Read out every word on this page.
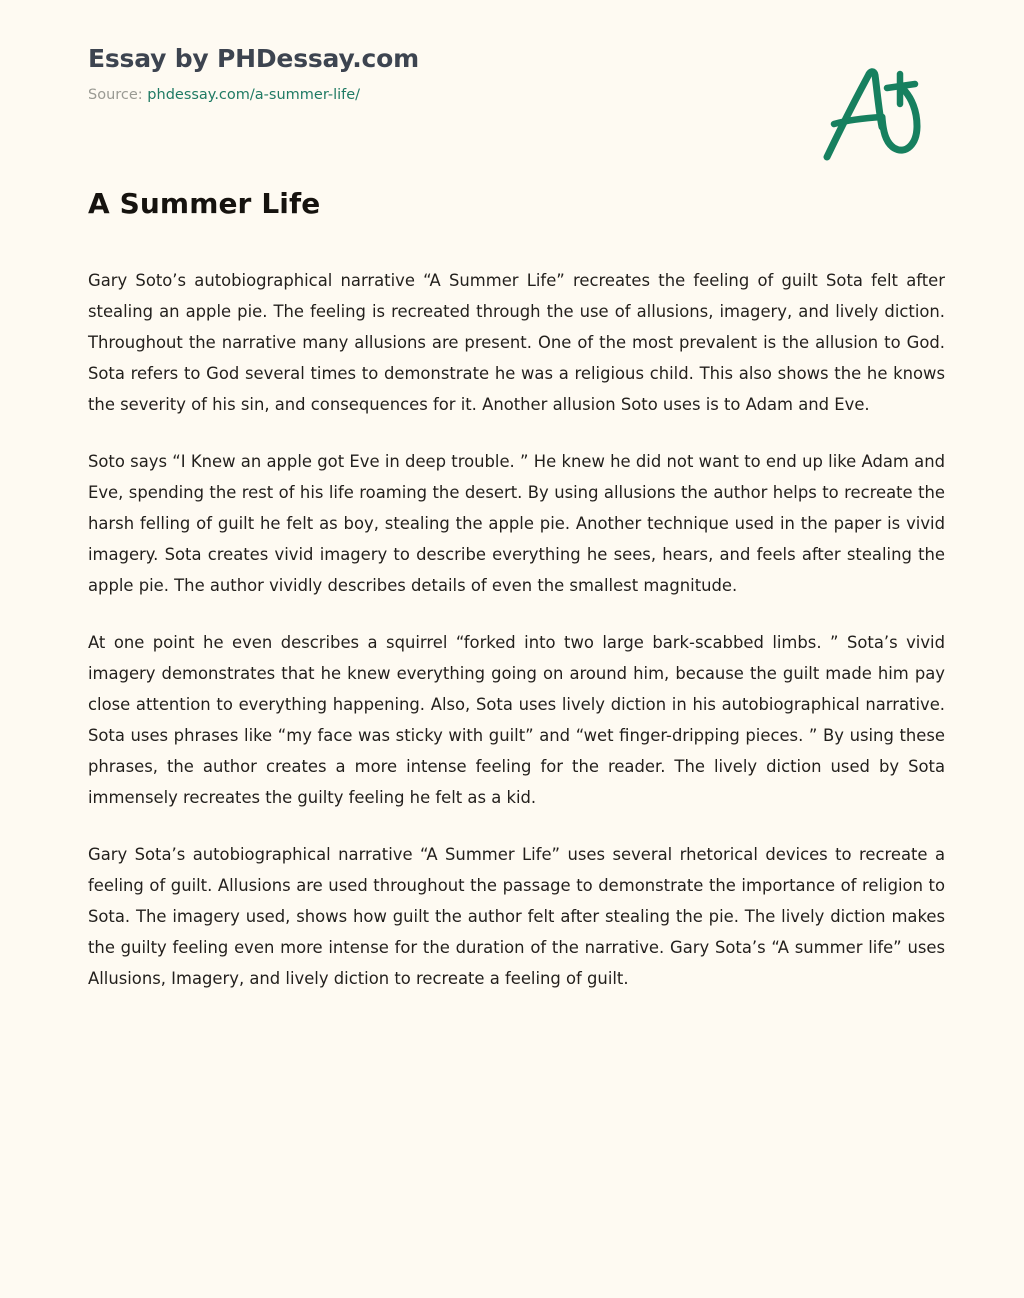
Essay by PHDessay.com
Source: phdessay.com/a-summer-life/
A Summer Life

Gary Soto’s autobiographical narrative “A Summer Life” recreates the feeling of guilt Sota felt after stealing an apple pie. The feeling is recreated through the use of allusions, imagery, and lively diction. Throughout the narrative many allusions are present. One of the most prevalent is the allusion to God. Sota refers to God several times to demonstrate he was a religious child. This also shows the he knows the severity of his sin, and consequences for it. Another allusion Soto uses is to Adam and Eve.

Soto says “I Knew an apple got Eve in deep trouble. ” He knew he did not want to end up like Adam and Eve, spending the rest of his life roaming the desert. By using allusions the author helps to recreate the harsh felling of guilt he felt as boy, stealing the apple pie. Another technique used in the paper is vivid imagery. Sota creates vivid imagery to describe everything he sees, hears, and feels after stealing the apple pie. The author vividly describes details of even the smallest magnitude.

At one point he even describes a squirrel “forked into two large bark-scabbed limbs. ” Sota’s vivid imagery demonstrates that he knew everything going on around him, because the guilt made him pay close attention to everything happening. Also, Sota uses lively diction in his autobiographical narrative. Sota uses phrases like “my face was sticky with guilt” and “wet finger-dripping pieces. ” By using these phrases, the author creates a more intense feeling for the reader. The lively diction used by Sota immensely recreates the guilty feeling he felt as a kid.

Gary Sota’s autobiographical narrative “A Summer Life” uses several rhetorical devices to recreate a feeling of guilt. Allusions are used throughout the passage to demonstrate the importance of religion to Sota. The imagery used, shows how guilt the author felt after stealing the pie. The lively diction makes the guilty feeling even more intense for the duration of the narrative. Gary Sota’s “A summer life” uses Allusions, Imagery, and lively diction to recreate a feeling of guilt.
